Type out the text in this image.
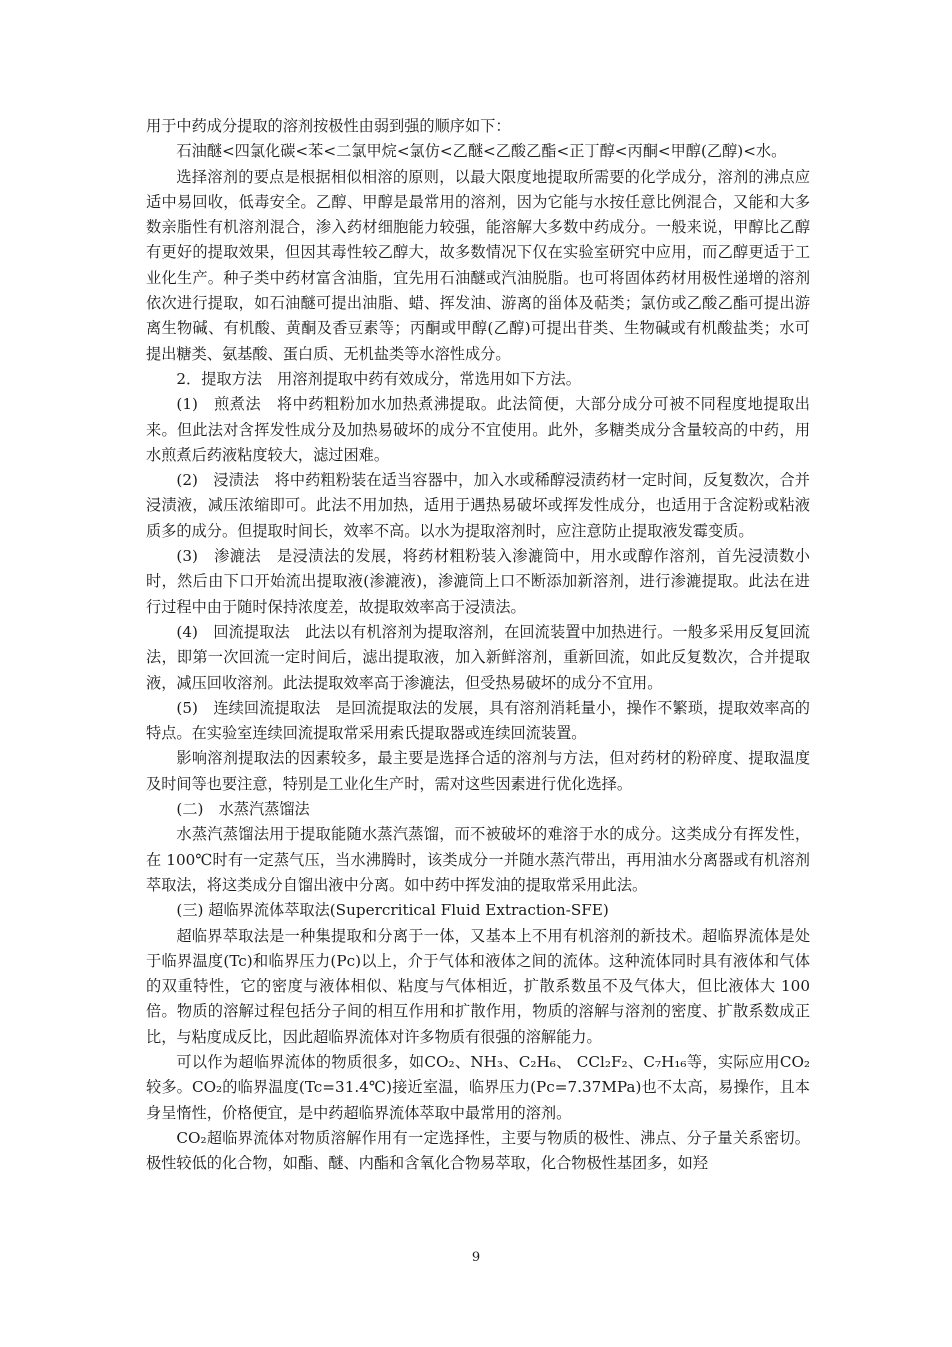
用于中药成分提取的溶剂按极性由弱到强的顺序如下：

石油醚<四氯化碳<苯<二氯甲烷<氯仿<乙醚<乙酸乙酯<正丁醇<丙酮<甲醇(乙醇)<水。

选择溶剂的要点是根据相似相溶的原则，以最大限度地提取所需要的化学成分，溶剂的沸点应适中易回收，低毒安全。乙醇、甲醇是最常用的溶剂，因为它能与水按任意比例混合，又能和大多数亲脂性有机溶剂混合，渗入药材细胞能力较强，能溶解大多数中药成分。一般来说，甲醇比乙醇有更好的提取效果，但因其毒性较乙醇大，故多数情况下仅在实验室研究中应用，而乙醇更适于工业化生产。种子类中药材富含油脂，宜先用石油醚或汽油脱脂。也可将固体药材用极性递增的溶剂依次进行提取，如石油醚可提出油脂、蜡、挥发油、游离的甾体及萜类；氯仿或乙酸乙酯可提出游离生物碱、有机酸、黄酮及香豆素等；丙酮或甲醇(乙醇)可提出苷类、生物碱或有机酸盐类；水可提出糖类、氨基酸、蛋白质、无机盐类等水溶性成分。

2．提取方法　用溶剂提取中药有效成分，常选用如下方法。

(1)　煎煮法　将中药粗粉加水加热煮沸提取。此法简便，大部分成分可被不同程度地提取出来。但此法对含挥发性成分及加热易破坏的成分不宜使用。此外，多糖类成分含量较高的中药，用水煎煮后药液粘度较大，滤过困难。

(2)　浸渍法　将中药粗粉装在适当容器中，加入水或稀醇浸渍药材一定时间，反复数次，合并浸渍液，减压浓缩即可。此法不用加热，适用于遇热易破坏或挥发性成分，也适用于含淀粉或粘液质多的成分。但提取时间长，效率不高。以水为提取溶剂时，应注意防止提取液发霉变质。

(3)　渗漉法　是浸渍法的发展，将药材粗粉装入渗漉筒中，用水或醇作溶剂，首先浸渍数小时，然后由下口开始流出提取液(渗漉液)，渗漉筒上口不断添加新溶剂，进行渗漉提取。此法在进行过程中由于随时保持浓度差，故提取效率高于浸渍法。

(4)　回流提取法　此法以有机溶剂为提取溶剂，在回流装置中加热进行。一般多采用反复回流法，即第一次回流一定时间后，滤出提取液，加入新鲜溶剂，重新回流，如此反复数次，合并提取液，减压回收溶剂。此法提取效率高于渗漉法，但受热易破坏的成分不宜用。

(5)　连续回流提取法　是回流提取法的发展，具有溶剂消耗量小，操作不繁琐，提取效率高的特点。在实验室连续回流提取常采用索氏提取器或连续回流装置。

影响溶剂提取法的因素较多，最主要是选择合适的溶剂与方法，但对药材的粉碎度、提取温度及时间等也要注意，特别是工业化生产时，需对这些因素进行优化选择。

(二)　水蒸汽蒸馏法

水蒸汽蒸馏法用于提取能随水蒸汽蒸馏，而不被破坏的难溶于水的成分。这类成分有挥发性，在 100℃时有一定蒸气压，当水沸腾时，该类成分一并随水蒸汽带出，再用油水分离器或有机溶剂萃取法，将这类成分自馏出液中分离。如中药中挥发油的提取常采用此法。

(三) 超临界流体萃取法(Supercritical Fluid Extraction-SFE)

超临界萃取法是一种集提取和分离于一体，又基本上不用有机溶剂的新技术。超临界流体是处于临界温度(Tc)和临界压力(Pc)以上，介于气体和液体之间的流体。这种流体同时具有液体和气体的双重特性，它的密度与液体相似、粘度与气体相近，扩散系数虽不及气体大，但比液体大 100 倍。物质的溶解过程包括分子间的相互作用和扩散作用，物质的溶解与溶剂的密度、扩散系数成正比，与粘度成反比，因此超临界流体对许多物质有很强的溶解能力。

可以作为超临界流体的物质很多，如CO₂、NH₃、C₂H₆、 CCl₂F₂、C₇H₁₆等，实际应用CO₂较多。CO₂的临界温度(Tc=31.4℃)接近室温，临界压力(Pc=7.37MPa)也不太高，易操作，且本身呈惰性，价格便宜，是中药超临界流体萃取中最常用的溶剂。

CO₂超临界流体对物质溶解作用有一定选择性，主要与物质的极性、沸点、分子量关系密切。极性较低的化合物，如酯、醚、内酯和含氧化合物易萃取，化合物极性基团多，如羟

9
